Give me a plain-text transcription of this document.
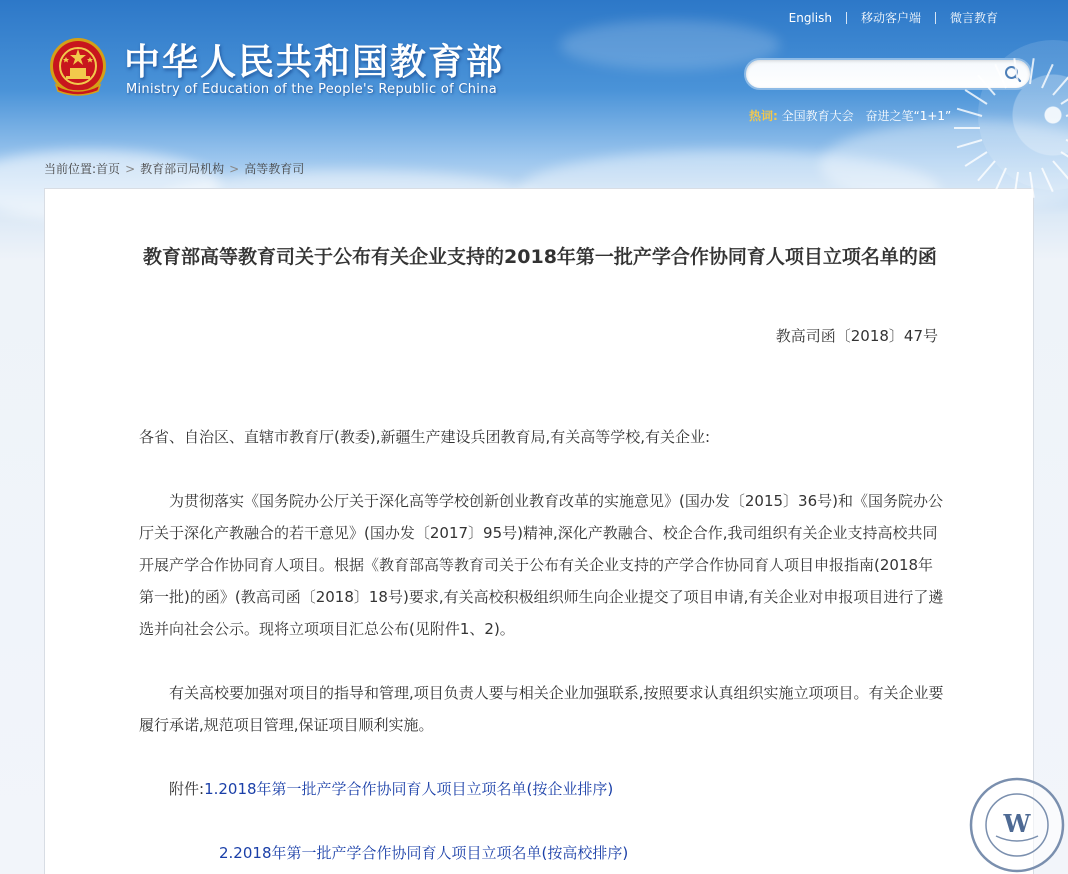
English	移动客户端	微言教育
中华人民共和国教育部
Ministry of Education of the People's Republic of China
热词: 全国教育大会 奋进之笔“1+1”
当前位置:首页 > 教育部司局机构 > 高等教育司
教育部高等教育司关于公布有关企业支持的2018年第一批产学合作协同育人项目立项名单的函
教高司函〔2018〕47号

各省、自治区、直辖市教育厅(教委),新疆生产建设兵团教育局,有关高等学校,有关企业:

为贯彻落实《国务院办公厅关于深化高等学校创新创业教育改革的实施意见》(国办发〔2015〕36号)和《国务院办公厅关于深化产教融合的若干意见》(国办发〔2017〕95号)精神,深化产教融合、校企合作,我司组织有关企业支持高校共同开展产学合作协同育人项目。根据《教育部高等教育司关于公布有关企业支持的产学合作协同育人项目申报指南(2018年第一批)的函》(教高司函〔2018〕18号)要求,有关高校积极组织师生向企业提交了项目申请,有关企业对申报项目进行了遴选并向社会公示。现将立项项目汇总公布(见附件1、2)。

有关高校要加强对项目的指导和管理,项目负责人要与相关企业加强联系,按照要求认真组织实施立项项目。有关企业要履行承诺,规范项目管理,保证项目顺利实施。

附件:1.2018年第一批产学合作协同育人项目立项名单(按企业排序)

2.2018年第一批产学合作协同育人项目立项名单(按高校排序)

W
